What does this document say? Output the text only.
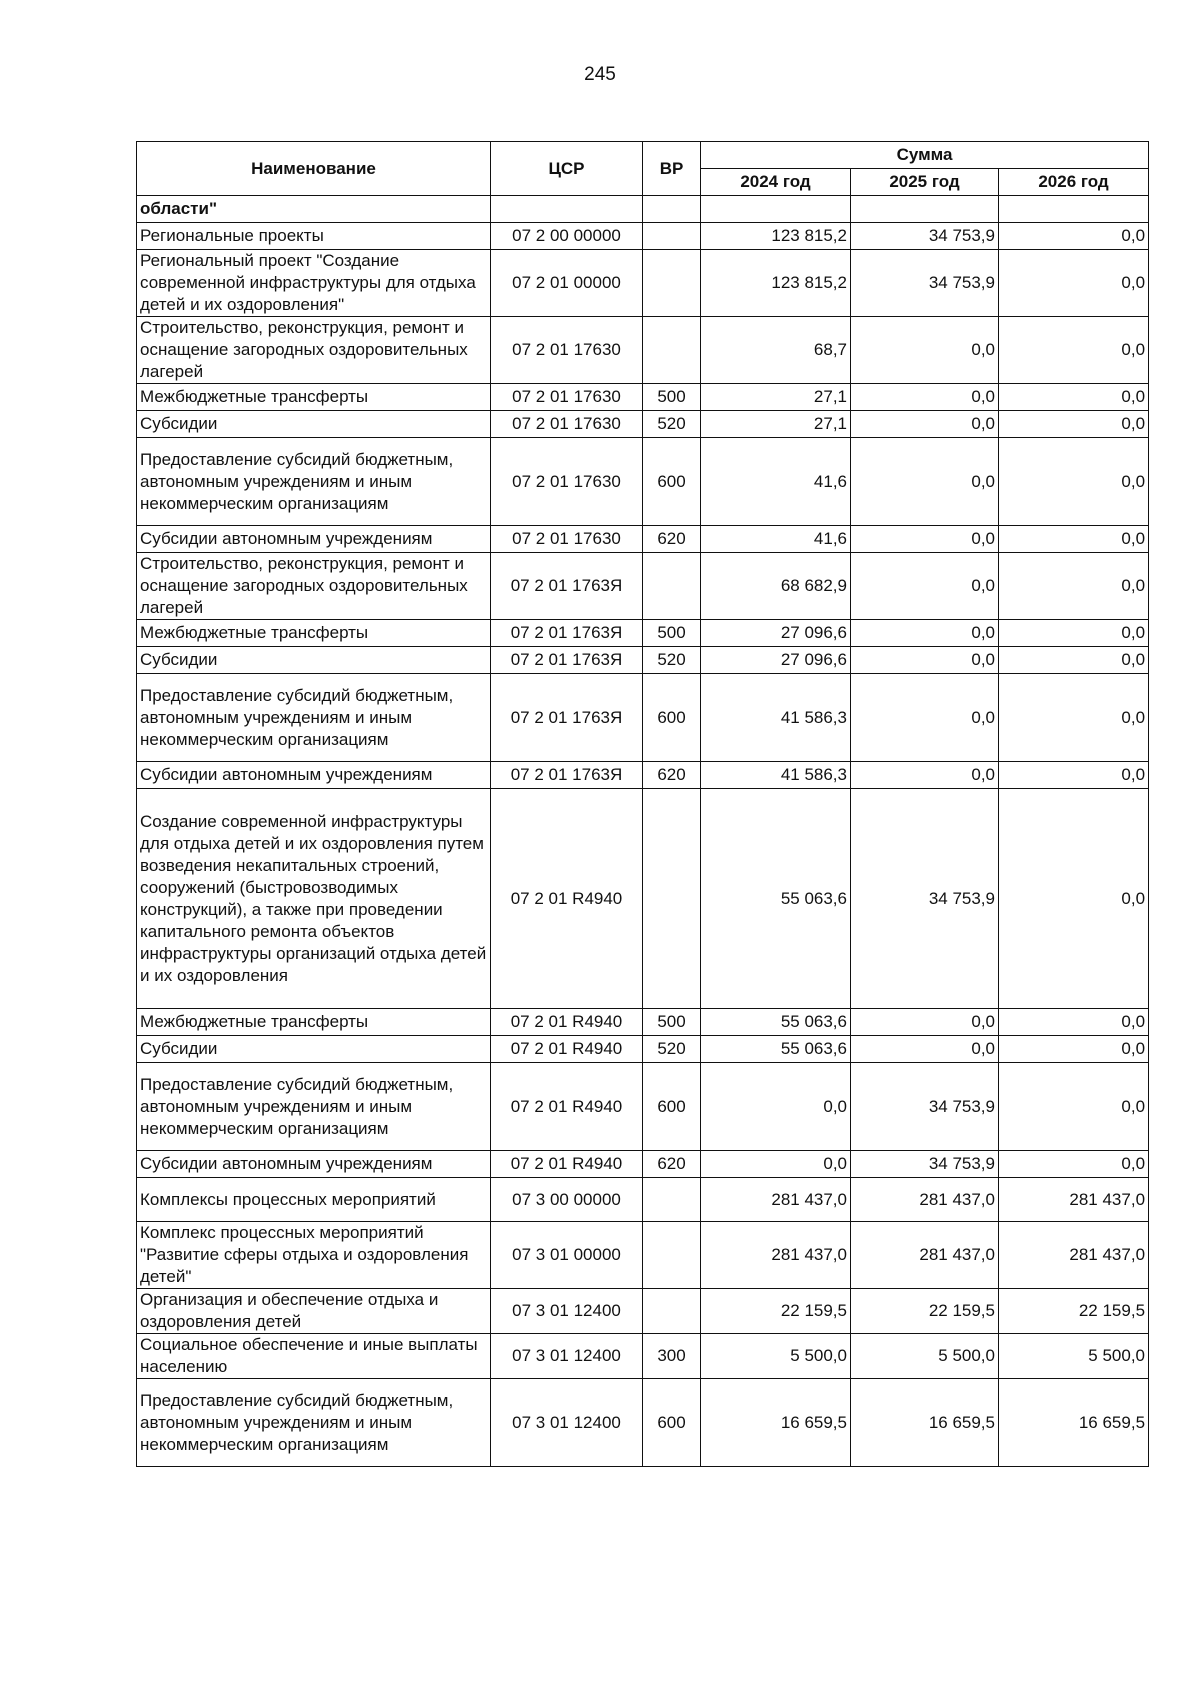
245
Наименование	ЦСР	ВР	Сумма		
			2024 год	2025 год	2026 год
области"					
Региональные проекты	07 2 00 00000		123 815,2	34 753,9	0,0
Региональный проект "Создание современной инфраструктуры для отдыха детей и их оздоровления"	07 2 01 00000		123 815,2	34 753,9	0,0
Строительство, реконструкция, ремонт и оснащение загородных оздоровительных лагерей	07 2 01 17630		68,7	0,0	0,0
Межбюджетные трансферты	07 2 01 17630	500	27,1	0,0	0,0
Субсидии	07 2 01 17630	520	27,1	0,0	0,0
Предоставление субсидий бюджетным, автономным учреждениям и иным некоммерческим организациям	07 2 01 17630	600	41,6	0,0	0,0
Субсидии автономным учреждениям	07 2 01 17630	620	41,6	0,0	0,0
Строительство, реконструкция, ремонт и оснащение загородных оздоровительных лагерей	07 2 01 1763Я		68 682,9	0,0	0,0
Межбюджетные трансферты	07 2 01 1763Я	500	27 096,6	0,0	0,0
Субсидии	07 2 01 1763Я	520	27 096,6	0,0	0,0
Предоставление субсидий бюджетным, автономным учреждениям и иным некоммерческим организациям	07 2 01 1763Я	600	41 586,3	0,0	0,0
Субсидии автономным учреждениям	07 2 01 1763Я	620	41 586,3	0,0	0,0
Создание современной инфраструктуры для отдыха детей и их оздоровления путем возведения некапитальных строений, сооружений (быстровозводимых конструкций), а также при проведении капитального ремонта объектов инфраструктуры организаций отдыха детей и их оздоровления	07 2 01 R4940		55 063,6	34 753,9	0,0
Межбюджетные трансферты	07 2 01 R4940	500	55 063,6	0,0	0,0
Субсидии	07 2 01 R4940	520	55 063,6	0,0	0,0
Предоставление субсидий бюджетным, автономным учреждениям и иным некоммерческим организациям	07 2 01 R4940	600	0,0	34 753,9	0,0
Субсидии автономным учреждениям	07 2 01 R4940	620	0,0	34 753,9	0,0
Комплексы процессных мероприятий	07 3 00 00000		281 437,0	281 437,0	281 437,0
Комплекс процессных мероприятий "Развитие сферы отдыха и оздоровления детей"	07 3 01 00000		281 437,0	281 437,0	281 437,0
Организация и обеспечение отдыха и оздоровления детей	07 3 01 12400		22 159,5	22 159,5	22 159,5
Социальное обеспечение и иные выплаты населению	07 3 01 12400	300	5 500,0	5 500,0	5 500,0
Предоставление субсидий бюджетным, автономным учреждениям и иным некоммерческим организациям	07 3 01 12400	600	16 659,5	16 659,5	16 659,5
